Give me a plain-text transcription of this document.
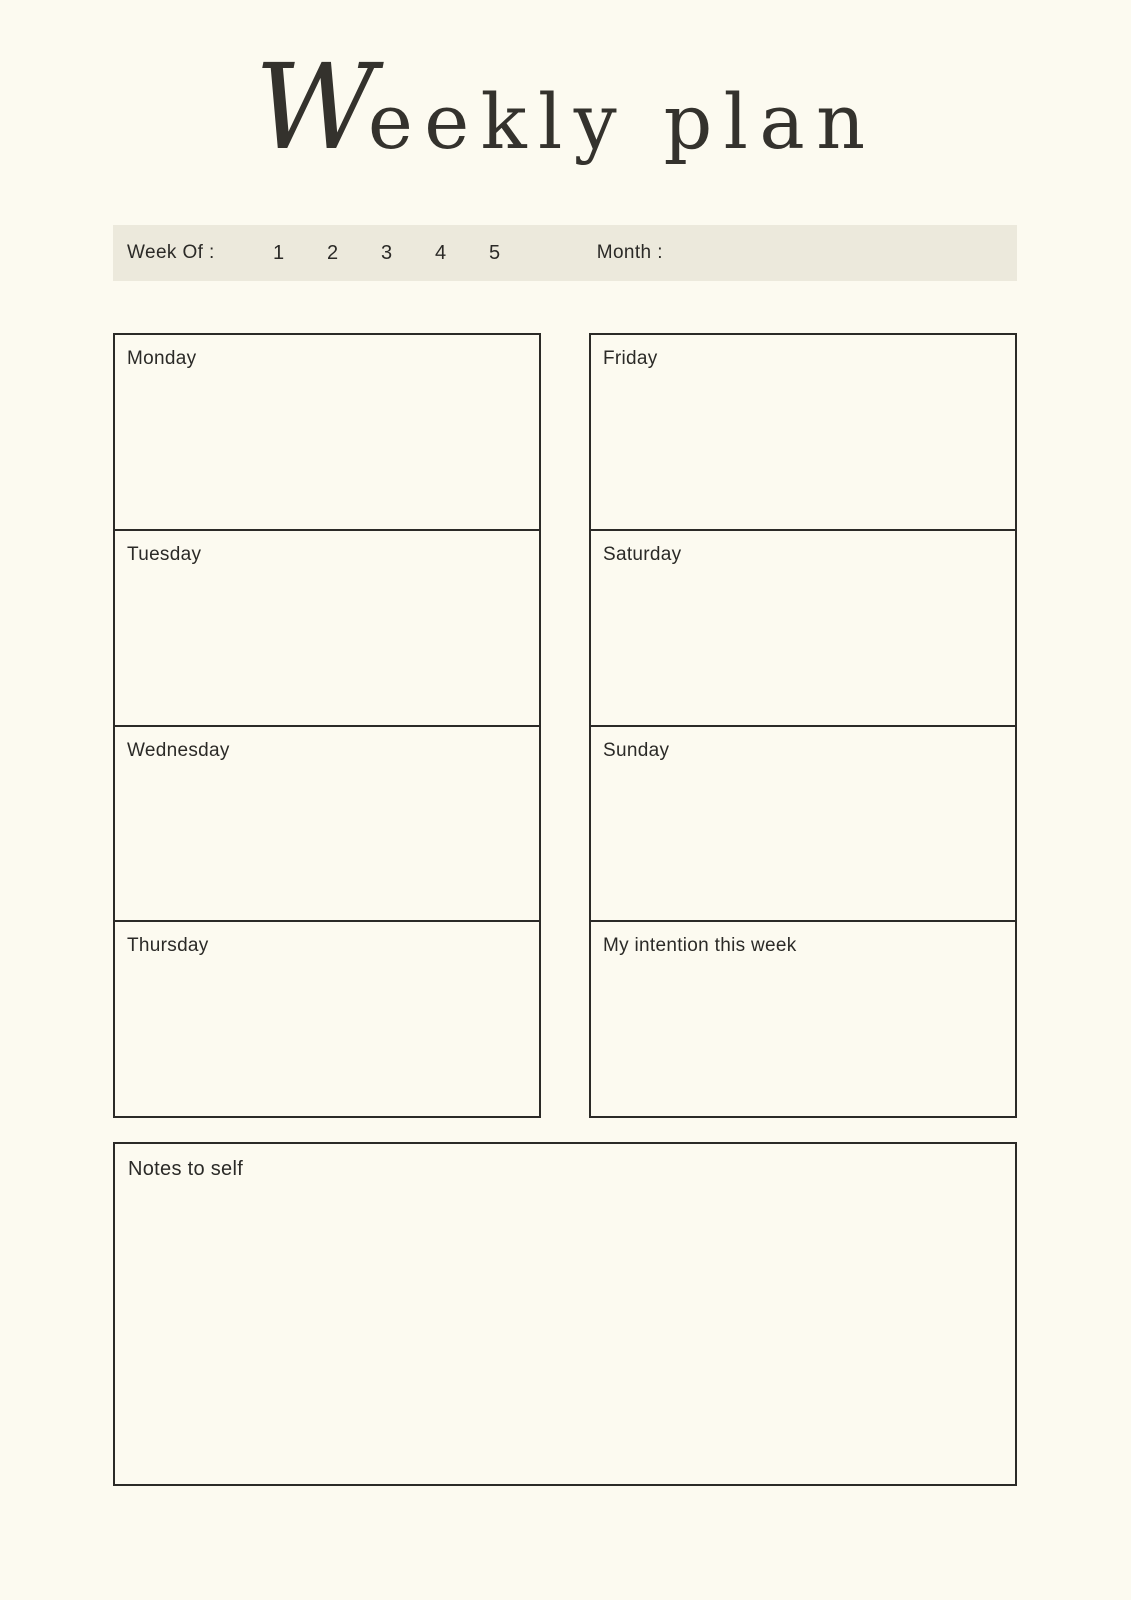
Weekly plan
Week Of :	1 2 3 4 5	Month :
Monday
Tuesday
Wednesday
Thursday
Friday
Saturday
Sunday
My intention this week
Notes to self
